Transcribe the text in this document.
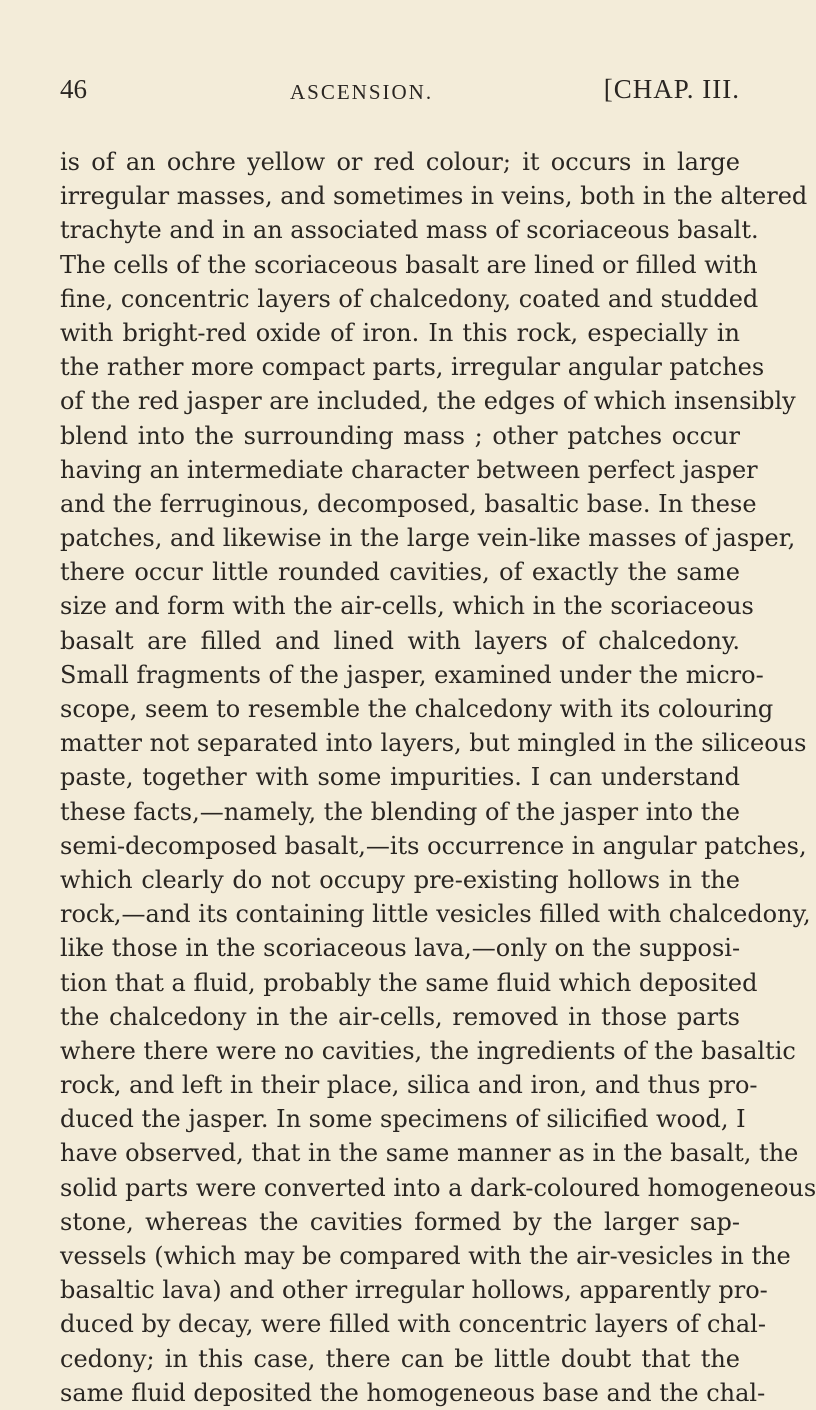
46	ASCENSION.	[CHAP. III.
is of an ochre yellow or red colour; it occurs in large
irregular masses, and sometimes in veins, both in the altered
trachyte and in an associated mass of scoriaceous basalt.
The cells of the scoriaceous basalt are lined or filled with
fine, concentric layers of chalcedony, coated and studded
with bright-red oxide of iron. In this rock, especially in
the rather more compact parts, irregular angular patches
of the red jasper are included, the edges of which insensibly
blend into the surrounding mass ; other patches occur
having an intermediate character between perfect jasper
and the ferruginous, decomposed, basaltic base. In these
patches, and likewise in the large vein-like masses of jasper,
there occur little rounded cavities, of exactly the same
size and form with the air-cells, which in the scoriaceous
basalt are filled and lined with layers of chalcedony.
Small fragments of the jasper, examined under the micro-
scope, seem to resemble the chalcedony with its colouring
matter not separated into layers, but mingled in the siliceous
paste, together with some impurities. I can understand
these facts,—namely, the blending of the jasper into the
semi-decomposed basalt,—its occurrence in angular patches,
which clearly do not occupy pre-existing hollows in the
rock,—and its containing little vesicles filled with chalcedony,
like those in the scoriaceous lava,—only on the supposi-
tion that a fluid, probably the same fluid which deposited
the chalcedony in the air-cells, removed in those parts
where there were no cavities, the ingredients of the basaltic
rock, and left in their place, silica and iron, and thus pro-
duced the jasper. In some specimens of silicified wood, I
have observed, that in the same manner as in the basalt, the
solid parts were converted into a dark-coloured homogeneous
stone, whereas the cavities formed by the larger sap-
vessels (which may be compared with the air-vesicles in the
basaltic lava) and other irregular hollows, apparently pro-
duced by decay, were filled with concentric layers of chal-
cedony; in this case, there can be little doubt that the
same fluid deposited the homogeneous base and the chal-
